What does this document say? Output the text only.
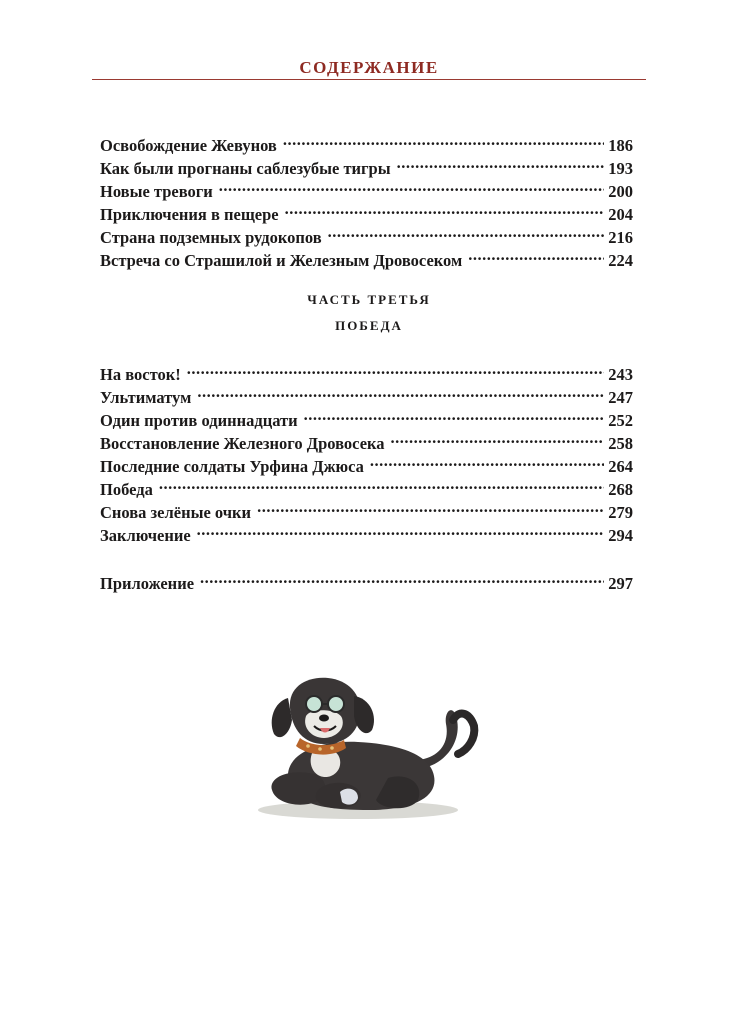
СОДЕРЖАНИЕ
Освобождение Жевунов .....	186
Как были прогнаны саблезубые тигры .....	193
Новые тревоги .....	200
Приключения в пещере .....	204
Страна подземных рудокопов .....	216
Встреча со Страшилой и Железным Дровосеком .....	224
ЧАСТЬ ТРЕТЬЯ
ПОБЕДА
На восток! .....	243
Ультиматум .....	247
Один против одиннадцати .....	252
Восстановление Железного Дровосека .....	258
Последние солдаты Урфина Джюса .....	264
Победа .....	268
Снова зелёные очки .....	279
Заключение .....	294
Приложение .....	297
